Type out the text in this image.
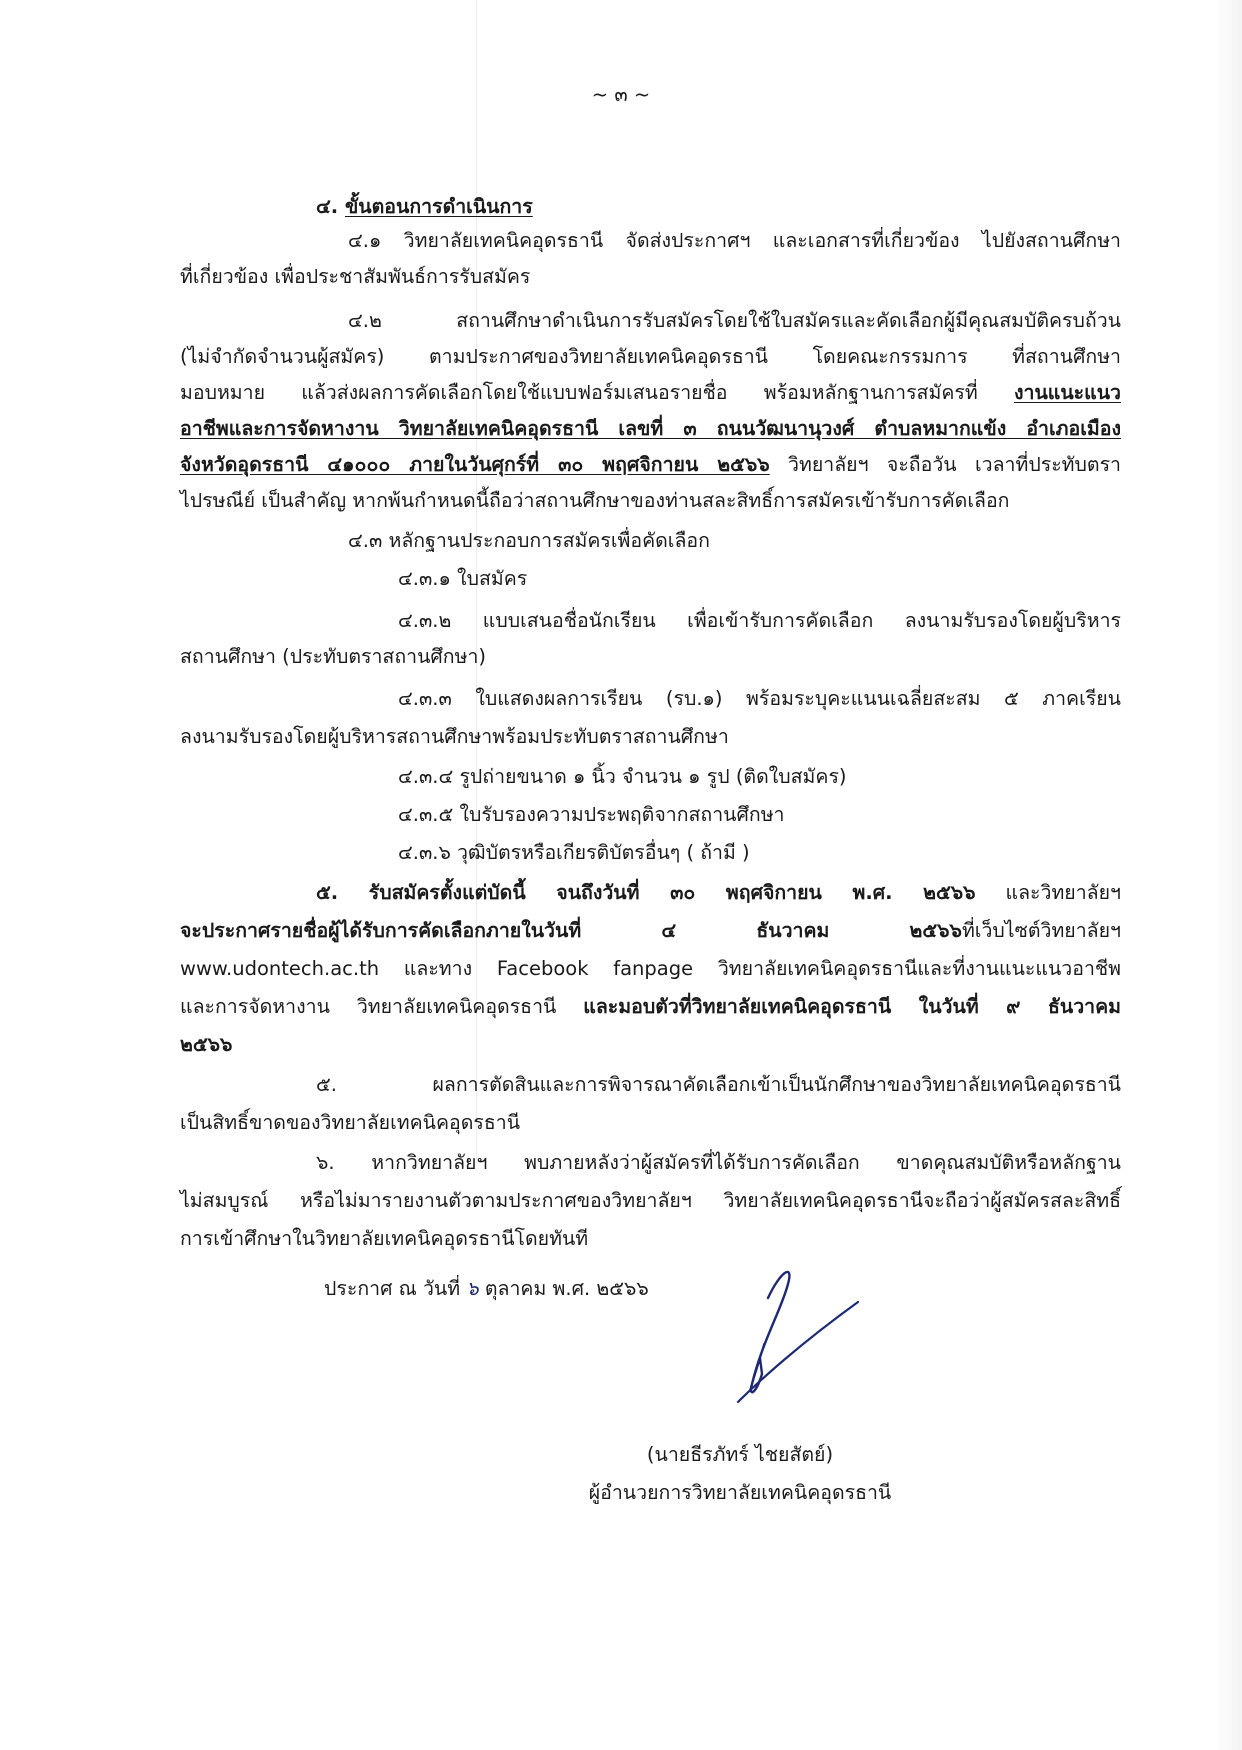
~ ๓ ~
๔. ขั้นตอนการดำเนินการ
๔.๑ วิทยาลัยเทคนิคอุดรธานี จัดส่งประกาศฯ และเอกสารที่เกี่ยวข้อง ไปยังสถานศึกษา
ที่เกี่ยวข้อง เพื่อประชาสัมพันธ์การรับสมัคร
๔.๒ สถานศึกษาดำเนินการรับสมัครโดยใช้ใบสมัครและคัดเลือกผู้มีคุณสมบัติครบถ้วน
(ไม่จำกัดจำนวนผู้สมัคร) ตามประกาศของวิทยาลัยเทคนิคอุดรธานี โดยคณะกรรมการ ที่สถานศึกษา
มอบหมาย แล้วส่งผลการคัดเลือกโดยใช้แบบฟอร์มเสนอรายชื่อ พร้อมหลักฐานการสมัครที่ งานแนะแนว
อาชีพและการจัดหางาน วิทยาลัยเทคนิคอุดรธานี เลขที่ ๓ ถนนวัฒนานุวงศ์ ตำบลหมากแข้ง อำเภอเมือง
จังหวัดอุดรธานี ๔๑๐๐๐ ภายในวันศุกร์ที่ ๓๐ พฤศจิกายน ๒๕๖๖ วิทยาลัยฯ จะถือวัน เวลาที่ประทับตรา
ไปรษณีย์ เป็นสำคัญ หากพ้นกำหนดนี้ถือว่าสถานศึกษาของท่านสละสิทธิ์การสมัครเข้ารับการคัดเลือก
๔.๓ หลักฐานประกอบการสมัครเพื่อคัดเลือก
๔.๓.๑ ใบสมัคร
๔.๓.๒ แบบเสนอชื่อนักเรียน เพื่อเข้ารับการคัดเลือก ลงนามรับรองโดยผู้บริหาร
สถานศึกษา (ประทับตราสถานศึกษา)
๔.๓.๓ ใบแสดงผลการเรียน (รบ.๑) พร้อมระบุคะแนนเฉลี่ยสะสม ๕ ภาคเรียน
ลงนามรับรองโดยผู้บริหารสถานศึกษาพร้อมประทับตราสถานศึกษา
๔.๓.๔ รูปถ่ายขนาด ๑ นิ้ว จำนวน ๑ รูป (ติดใบสมัคร)
๔.๓.๕ ใบรับรองความประพฤติจากสถานศึกษา
๔.๓.๖ วุฒิบัตรหรือเกียรติบัตรอื่นๆ ( ถ้ามี )
๕. รับสมัครตั้งแต่บัดนี้ จนถึงวันที่ ๓๐ พฤศจิกายน พ.ศ. ๒๕๖๖ และวิทยาลัยฯ
จะประกาศรายชื่อผู้ได้รับการคัดเลือกภายในวันที่ ๔ ธันวาคม ๒๕๖๖ที่เว็บไซต์วิทยาลัยฯ
www.udontech.ac.th และทาง Facebook fanpage วิทยาลัยเทคนิคอุดรธานีและที่งานแนะแนวอาชีพ
และการจัดหางาน วิทยาลัยเทคนิคอุดรธานี และมอบตัวที่วิทยาลัยเทคนิคอุดรธานี ในวันที่ ๙ ธันวาคม
๒๕๖๖
๕. ผลการตัดสินและการพิจารณาคัดเลือกเข้าเป็นนักศึกษาของวิทยาลัยเทคนิคอุดรธานี
เป็นสิทธิ์ขาดของวิทยาลัยเทคนิคอุดรธานี
๖. หากวิทยาลัยฯ พบภายหลังว่าผู้สมัครที่ได้รับการคัดเลือก ขาดคุณสมบัติหรือหลักฐาน
ไม่สมบูรณ์ หรือไม่มารายงานตัวตามประกาศของวิทยาลัยฯ วิทยาลัยเทคนิคอุดรธานีจะถือว่าผู้สมัครสละสิทธิ์
การเข้าศึกษาในวิทยาลัยเทคนิคอุดรธานีโดยทันที
ประกาศ ณ วันที่ ๖ ตุลาคม พ.ศ. ๒๕๖๖
(นายธีรภัทร์ ไชยสัตย์)
ผู้อำนวยการวิทยาลัยเทคนิคอุดรธานี
